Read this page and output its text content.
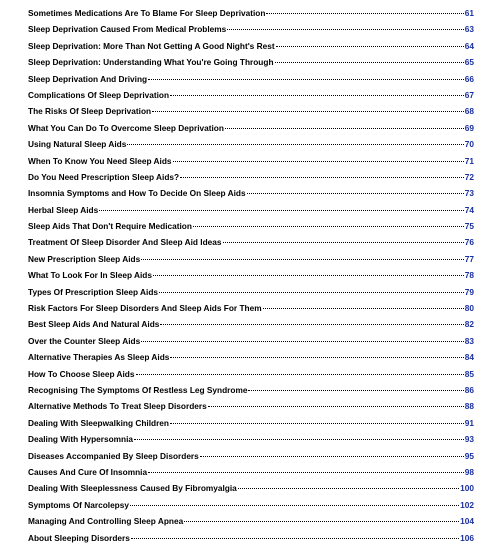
Sometimes Medications Are To Blame For Sleep Deprivation	61
Sleep Deprivation Caused From Medical Problems	63
Sleep Deprivation: More Than Not Getting A Good Night's Rest	64
Sleep Deprivation: Understanding What You're Going Through	65
Sleep Deprivation And Driving	66
Complications Of Sleep Deprivation	67
The Risks Of Sleep Deprivation	68
What You Can Do To Overcome Sleep Deprivation	69
Using Natural Sleep Aids	70
When To Know You Need Sleep Aids	71
Do You Need Prescription Sleep Aids?	72
Insomnia Symptoms and How To Decide On Sleep Aids	73
Herbal Sleep Aids	74
Sleep Aids That Don't Require Medication	75
Treatment Of Sleep Disorder And Sleep Aid Ideas	76
New Prescription Sleep Aids	77
What To Look For In Sleep Aids	78
Types Of Prescription Sleep Aids	79
Risk Factors For Sleep Disorders And Sleep Aids For Them	80
Best Sleep Aids And Natural Aids	82
Over the Counter Sleep Aids	83
Alternative Therapies As Sleep Aids	84
How To Choose Sleep Aids	85
Recognising The Symptoms Of Restless Leg Syndrome	86
Alternative Methods To Treat Sleep Disorders	88
Dealing With Sleepwalking Children	91
Dealing With Hypersomnia	93
Diseases Accompanied By Sleep Disorders	95
Causes And Cure Of Insomnia	98
Dealing With Sleeplessness Caused By Fibromyalgia	100
Symptoms Of Narcolepsy	102
Managing And Controlling Sleep Apnea	104
About Sleeping Disorders	106
